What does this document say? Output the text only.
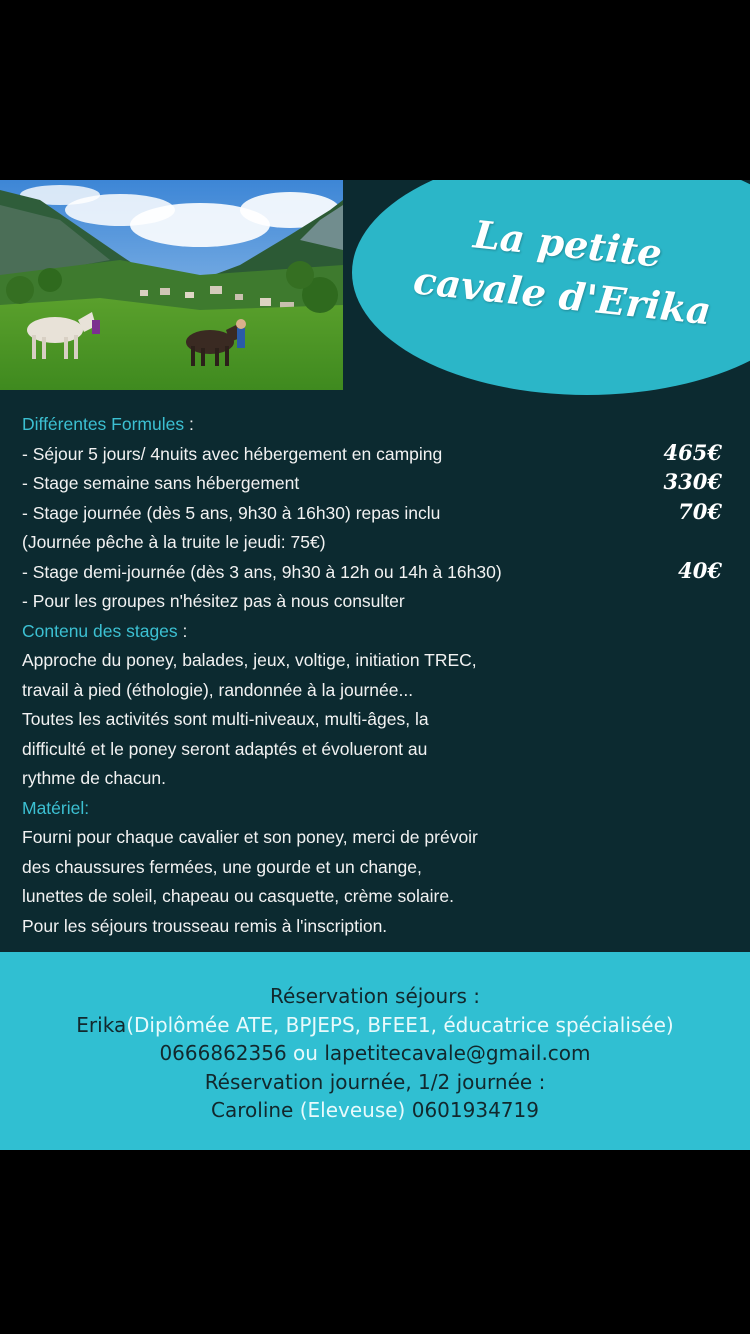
La petite
cavale d'Erika
Différentes Formules :
- Séjour 5 jours/ 4nuits avec hébergement en camping	465€
- Stage semaine sans hébergement	330€
- Stage journée (dès 5 ans, 9h30 à 16h30) repas inclu	70€
(Journée pêche à la truite le jeudi: 75€)
- Stage demi-journée (dès 3 ans, 9h30 à 12h ou 14h à 16h30)	40€
- Pour les groupes n'hésitez pas à nous consulter
Contenu des stages :
Approche du poney, balades, jeux, voltige, initiation TREC,
travail à pied (éthologie), randonnée à la journée...
Toutes les activités sont multi-niveaux, multi-âges, la
difficulté et le poney seront adaptés et évolueront au
rythme de chacun.
Matériel:
Fourni pour chaque cavalier et son poney, merci de prévoir
des chaussures fermées, une gourde et un change,
lunettes de soleil, chapeau ou casquette, crème solaire.
Pour les séjours trousseau remis à l'inscription.
Réservation séjours :
Erika(Diplômée ATE, BPJEPS, BFEE1, éducatrice spécialisée)
0666862356 ou lapetitecavale@gmail.com
Réservation journée, 1/2 journée :
Caroline (Eleveuse) 0601934719
